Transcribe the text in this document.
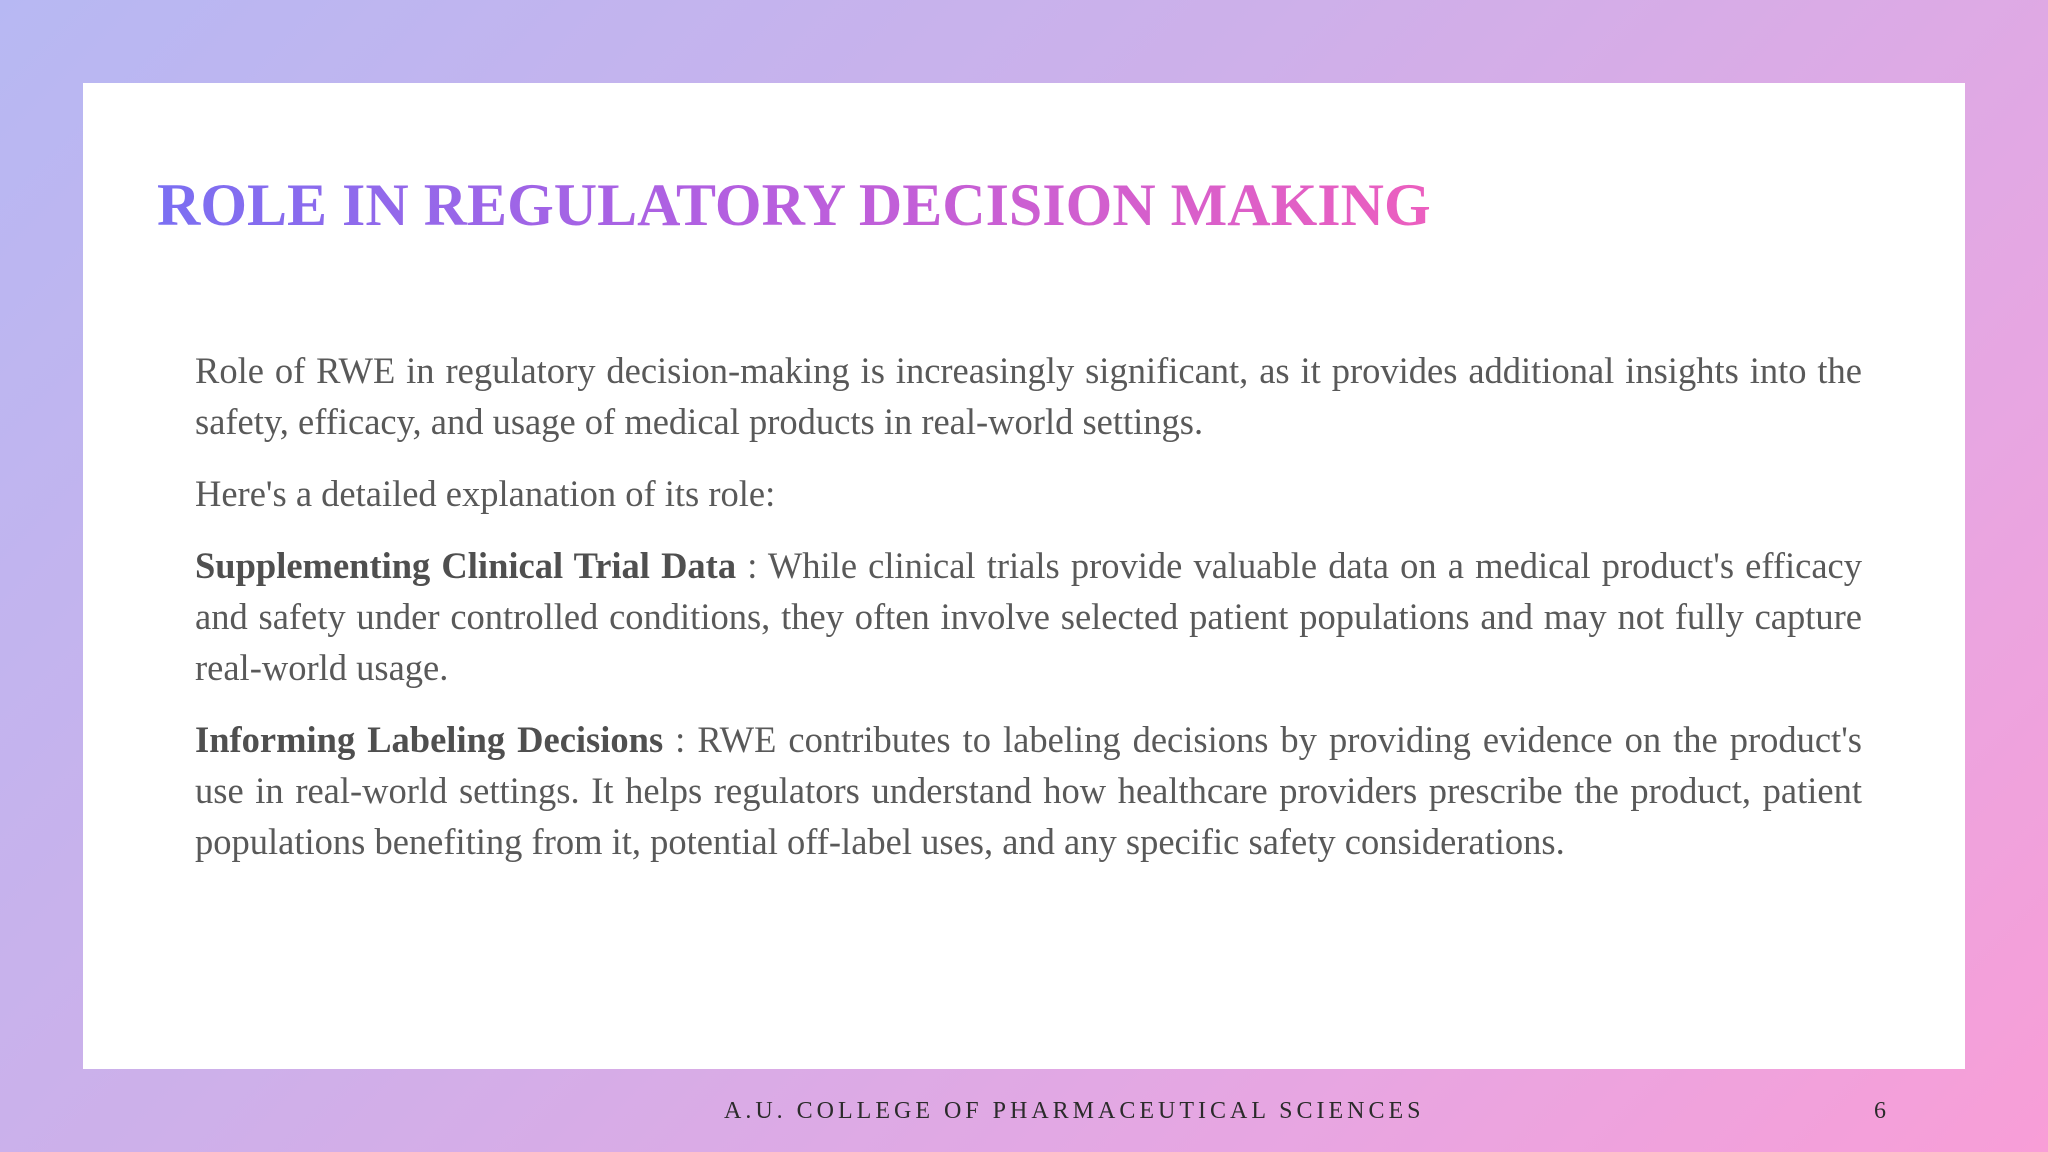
ROLE IN REGULATORY DECISION MAKING

Role of RWE in regulatory decision-making is increasingly significant, as it provides additional insights into the safety, efficacy, and usage of medical products in real-world settings.

Here's a detailed explanation of its role:

Supplementing Clinical Trial Data : While clinical trials provide valuable data on a medical product's efficacy and safety under controlled conditions, they often involve selected patient populations and may not fully capture real-world usage.

Informing Labeling Decisions : RWE contributes to labeling decisions by providing evidence on the product's use in real-world settings. It helps regulators understand how healthcare providers prescribe the product, patient populations benefiting from it, potential off-label uses, and any specific safety considerations.

A.U. COLLEGE OF PHARMACEUTICAL SCIENCES	6
